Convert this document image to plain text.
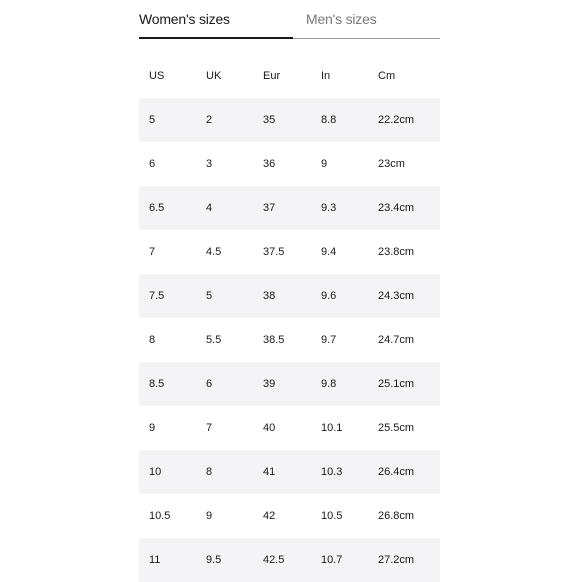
Women's sizes	Men's sizes
US	UK	Eur	In	Cm
5	2	35	8.8	22.2cm
6	3	36	9	23cm
6.5	4	37	9.3	23.4cm
7	4.5	37.5	9.4	23.8cm
7.5	5	38	9.6	24.3cm
8	5.5	38.5	9.7	24.7cm
8.5	6	39	9.8	25.1cm
9	7	40	10.1	25.5cm
10	8	41	10.3	26.4cm
10.5	9	42	10.5	26.8cm
11	9.5	42.5	10.7	27.2cm
